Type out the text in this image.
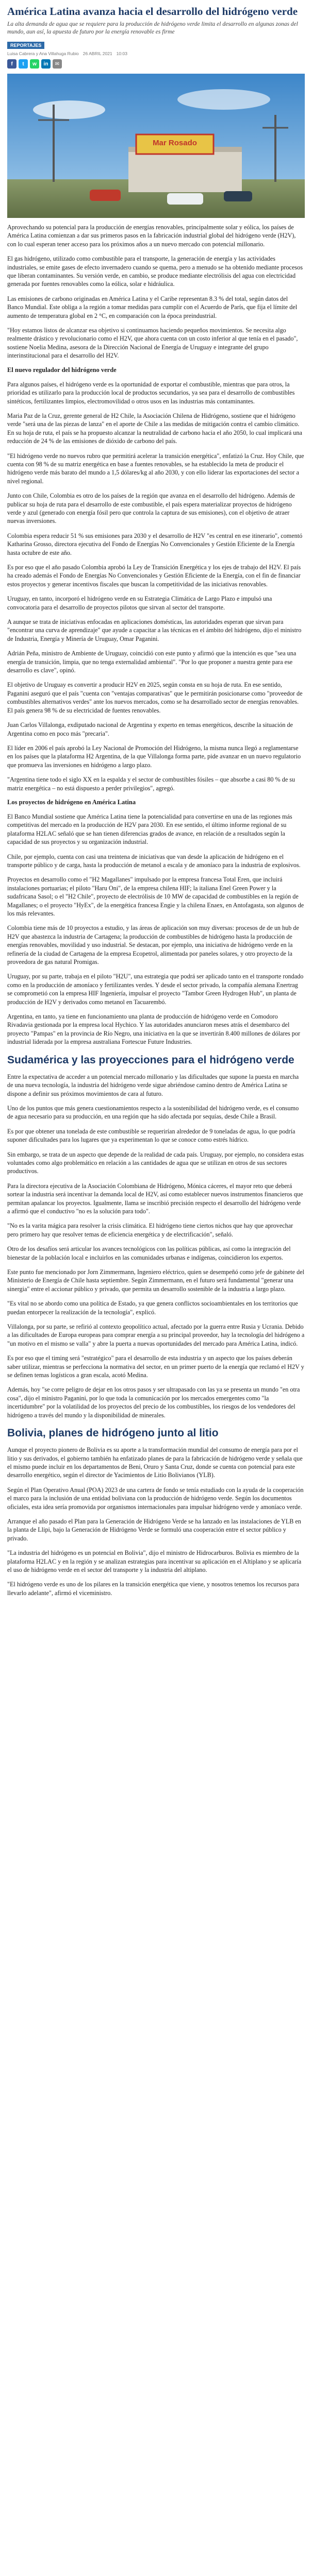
América Latina avanza hacia el desarrollo del hidrógeno verde

La alta demanda de agua que se requiere para la producción de hidrógeno verde limita el desarrollo en algunas zonas del mundo, aun así, la apuesta de futuro por la energía renovable es firme

REPORTAJES
Luisa Cabrera y Ana Villahuga Rubio 26 ABRIL 2021 10:03
f	t	w	in	✉
Mar Rosado

Aprovechando su potencial para la producción de energías renovables, principalmente solar y eólica, los países de América Latina comienzan a dar sus primeros pasos en la fabricación industrial global del hidrógeno verde (H2V), con lo cual esperan tener acceso para los próximos años a un nuevo mercado con potencial millonario.

El gas hidrógeno, utilizado como combustible para el transporte, la generación de energía y las actividades industriales, se emite gases de efecto invernadero cuando se quema, pero a menudo se ha obtenido mediante procesos que liberan contaminantes. Su versión verde, en cambio, se produce mediante electrólisis del agua con electricidad generada por fuentes renovables como la eólica, solar e hidráulica.

Las emisiones de carbono originadas en América Latina y el Caribe representan 8.3 % del total, según datos del Banco Mundial. Este obliga a la región a tomar medidas para cumplir con el Acuerdo de París, que fija el límite del aumento de temperatura global en 2 °C, en comparación con la época preindustrial.

"Hoy estamos listos de alcanzar esa objetivo si continuamos haciendo pequeños movimientos. Se necesita algo realmente drástico y revolucionario como el H2V, que ahora cuenta con un costo inferior al que tenía en el pasado", sostiene Noelia Medina, asesora de la Dirección Nacional de Energía de Uruguay e integrante del grupo interinstitucional para el desarrollo del H2V.

El nuevo regulador del hidrógeno verde

Para algunos países, el hidrógeno verde es la oportunidad de exportar el combustible, mientras que para otros, la prioridad es utilizarlo para la producción local de productos secundarios, ya sea para el desarrollo de combustibles sintéticos, fertilizantes limpios, electromovilidad o otros usos en las industrias más contaminantes.

Maria Paz de la Cruz, gerente general de H2 Chile, la Asociación Chilena de Hidrógeno, sostiene que el hidrógeno verde "será una de las piezas de lanza" en el aporte de Chile a las medidas de mitigación contra el cambio climático. En su hoja de ruta, el país se ha propuesto alcanzar la neutralidad de carbono hacia el año 2050, lo cual implicará una reducción de 24 % de las emisiones de dióxido de carbono del país.

"El hidrógeno verde no nuevos rubro que permitirá acelerar la transición energética", enfatizó la Cruz. Hoy Chile, que cuenta con 98 % de su matriz energética en base a fuentes renovables, se ha establecido la meta de producir el hidrógeno verde más barato del mundo a 1,5 dólares/kg al año 2030, y con ello liderar las exportaciones del sector a nivel regional.

Junto con Chile, Colombia es otro de los países de la región que avanza en el desarrollo del hidrógeno. Además de publicar su hoja de ruta para el desarrollo de este combustible, el país espera materializar proyectos de hidrógeno verde y azul (generado con energía fósil pero que controla la captura de sus emisiones), con el objetivo de atraer nuevas inversiones.

Colombia espera reducir 51 % sus emisiones para 2030 y el desarrollo de H2V "es central en ese itinerario", comentó Katharina Grosso, directora ejecutiva del Fondo de Energías No Convencionales y Gestión Eficiente de la Energía hasta octubre de este año.

Es por eso que el año pasado Colombia aprobó la Ley de Transición Energética y los ejes de trabajo del H2V. El país ha creado además el Fondo de Energías No Convencionales y Gestión Eficiente de la Energía, con el fin de financiar estos proyectos y generar incentivos fiscales que buscan la competitividad de las iniciativas renovables.

Uruguay, en tanto, incorporó el hidrógeno verde en su Estrategia Climática de Largo Plazo e impulsó una convocatoria para el desarrollo de proyectos pilotos que sirvan al sector del transporte.

A aunque se trata de iniciativas enfocadas en aplicaciones domésticas, las autoridades esperan que sirvan para "encontrar una curva de aprendizaje" que ayude a capacitar a las técnicas en el ámbito del hidrógeno, dijo el ministro de Industria, Energía y Minería de Uruguay, Omar Paganini.

Adrián Peña, ministro de Ambiente de Uruguay, coincidió con este punto y afirmó que la intención es que "sea una energía de transición, limpia, que no tenga externalidad ambiental". "Por lo que proponer a nuestra gente para ese desarrollo es clave", opinó.

El objetivo de Uruguay es convertir a producir H2V en 2025, según consta en su hoja de ruta. En ese sentido, Paganini aseguró que el país "cuenta con "ventajas comparativas" que le permitirán posicionarse como "proveedor de combustibles alternativos verdes" ante los nuevos mercados, como se ha desarrollado sector de energías renovables. El país genera 98 % de su electricidad de fuentes renovables.

Juan Carlos Villalonga, exdiputado nacional de Argentina y experto en temas energéticos, describe la situación de Argentina como en poco más "precaria".

El líder en 2006 el país aprobó la Ley Nacional de Promoción del Hidrógeno, la misma nunca llegó a reglamentarse en los países que la plataforma H2 Argentina, de la que Villalonga forma parte, pide avanzar en un nuevo regulatorio que promueva las inversiones en hidrógeno a largo plazo.

"Argentina tiene todo el siglo XX en la espalda y el sector de combustibles fósiles – que absorbe a casi 80 % de su matriz energética – no está dispuesto a perder privilegios", agregó.

Los proyectos de hidrógeno en América Latina

El Banco Mundial sostiene que América Latina tiene la potencialidad para convertirse en una de las regiones más competitivas del mercado en la producción de H2V para 2030. En ese sentido, el último informe regional de su plataforma H2LAC señaló que se han tienen diferencias grados de avance, en relación de a resultados según la capacidad de sus proyectos y su organización industrial.

Chile, por ejemplo, cuenta con casi una treintena de iniciativas que van desde la aplicación de hidrógeno en el transporte público y de carga, hasta la producción de metanol a escala y de amoníaco para la industria de explosivos.

Proyectos en desarrollo como el "H2 Magallanes" impulsado por la empresa francesa Total Eren, que incluirá instalaciones portuarias; el piloto "Haru Oni", de la empresa chilena HIF; la italiana Enel Green Power y la sudafricana Sasol; o el "H2 Chile", proyecto de electrólisis de 10 MW de capacidad de combustibles en la región de Magallanes; o el proyecto "HyEx", de la energética francesa Engie y la chilena Enaex, en Antofagasta, son algunos de los más relevantes.

Colombia tiene más de 10 proyectos a estudio, y las áreas de aplicación son muy diversas: procesos de de un hub de H2V que abastezca la industria de Cartagena; la producción de combustibles de hidrógeno hasta la producción de energías renovables, movilidad y uso industrial. Se destacan, por ejemplo, una iniciativa de hidrógeno verde en la refinería de la ciudad de Cartagena de la empresa Ecopetrol, alimentada por paneles solares, y otro proyecto de la proveedora de gas natural Promigas.

Uruguay, por su parte, trabaja en el piloto "H2U", una estrategia que podrá ser aplicado tanto en el transporte rondado como en la producción de amoníaco y fertilizantes verdes. Y desde el sector privado, la compañía alemana Enertrag se comprometió con la empresa HIF Ingeniería, impulsar el proyecto "Tambor Green Hydrogen Hub", un planta de producción de H2V y derivados como metanol en Tacuarembó.

Argentina, en tanto, ya tiene en funcionamiento una planta de producción de hidrógeno verde en Comodoro Rivadavia gestionada por la empresa local Hychico. Y las autoridades anunciaron meses atrás el desembarco del proyecto "Pampas" en la provincia de Río Negro, una iniciativa en la que se invertirán 8.400 millones de dólares por industrial liderada por la empresa australiana Fortescue Future Industries.

Sudamérica y las proyecciones para el hidrógeno verde

Entre la expectativa de acceder a un potencial mercado millonario y las dificultades que supone la puesta en marcha de una nueva tecnología, la industria del hidrógeno verde sigue abriéndose camino dentro de América Latina se dispone a definir sus próximos movimientos de cara al futuro.

Uno de los puntos que más genera cuestionamientos respecto a la sostenibilidad del hidrógeno verde, es el consumo de agua necesario para su producción, en una región que ha sido afectada por sequías, desde Chile a Brasil.

Es por que obtener una tonelada de este combustible se requerirían alrededor de 9 toneladas de agua, lo que podría suponer dificultades para los lugares que ya experimentan lo que se conoce como estrés hídrico.

Sin embargo, se trata de un aspecto que depende de la realidad de cada país. Uruguay, por ejemplo, no considera estas voluntades como algo problemático en relación a las cantidades de agua que se utilizan en otros de sus sectores productivos.

Para la directora ejecutiva de la Asociación Colombiana de Hidrógeno, Mónica cáceres, el mayor reto que deberá sortear la industria será incentivar la demanda local de H2V, así como establecer nuevos instrumentos financieros que permitan apalancar los proyectos. Igualmente, llama se inscribió precisión respecto el desarrollo del hidrógeno verde a afirmó que el conductivo "no es la solución para todo".

"No es la varita mágica para resolver la crisis climática. El hidrógeno tiene ciertos nichos que hay que aprovechar pero primero hay que resolver temas de eficiencia energética y de electrificación", señaló.

Otro de los desafíos será articular los avances tecnológicos con las políticas públicas, así como la integración del bienestar de la población local e incluirlos en las comunidades urbanas e indígenas, coincidieron los expertos.

Este punto fue mencionado por Jorn Zimmermann, Ingeniero eléctrico, quien se desempeñó como jefe de gabinete del Ministerio de Energía de Chile hasta septiembre. Según Zimmermann, en el futuro será fundamental "generar una sinergia" entre el accionar público y privado, que permita un desarrollo sostenible de la industria a largo plazo.

"Es vital no se abordo como una política de Estado, ya que genera conflictos socioambientales en los territorios que puedan entorpecer la realización de la tecnología", explicó.

Villalonga, por su parte, se refirió al contexto geopolítico actual, afectado por la guerra entre Rusia y Ucrania. Debido a las dificultades de Europa europeas para comprar energía a su principal proveedor, hay la tecnología del hidrógeno a "un motivo en el mismo se valla" y abre la puerta a nuevas oportunidades del mercado para América Latina, indicó.

Es por eso que el timing será "estratégico" para el desarrollo de esta industria y un aspecto que los países deberán saber utilizar, mientras se perfecciona la normativa del sector, en un primer puerto de la energía que reclamó el H2V y se definen temas logísticos a gran escala, acotó Medina.

Además, hoy "se corre peligro de dejar en los otros pasos y ser ultrapasado con las ya se presenta un mundo "en otra cosa", dijo el ministro Paganini, por lo que toda la comunicación por los mercados emergentes como "la incertidumbre" por la volatilidad de los proyectos del precio de los combustibles, los riesgos de los vendedores del hidrógeno a través del mundo y la disponibilidad de minerales.

Bolivia, planes de hidrógeno junto al litio

Aunque el proyecto pionero de Bolivia es su aporte a la transformación mundial del consumo de energía para por el litio y sus derivados, el gobierno también ha enfatizado planes de para la fabricación de hidrógeno verde y señala que el mismo puede incluir en los departamentos de Beni, Oruro y Santa Cruz, donde se cuenta con potencial para este desarrollo energético, según el director de Yacimientos de Litio Bolivianos (YLB).

Según el Plan Operativo Anual (POA) 2023 de una cartera de fondo se tenía estudiado con la ayuda de la cooperación el marco para la inclusión de una entidad boliviana con la producción de hidrógeno verde. Según los documentos oficiales, esta idea sería promovida por organismos internacionales para impulsar hidrógeno verde y amoníaco verde.

Arranque el año pasado el Plan para la Generación de Hidrógeno Verde se ha lanzado en las instalaciones de YLB en la planta de Llipi, bajo la Generación de Hidrógeno Verde se formuló una cooperación entre el sector público y privado.

"La industria del hidrógeno es un potencial en Bolivia", dijo el ministro de Hidrocarburos. Bolivia es miembro de la plataforma H2LAC y en la región y se analizan estrategias para incentivar su aplicación en el Altiplano y se aplicaría el uso de hidrógeno verde en el sector del transporte y la industria del altiplano.

"El hidrógeno verde es uno de los pilares en la transición energética que viene, y nosotros tenemos los recursos para llevarlo adelante", afirmó el viceministro.
